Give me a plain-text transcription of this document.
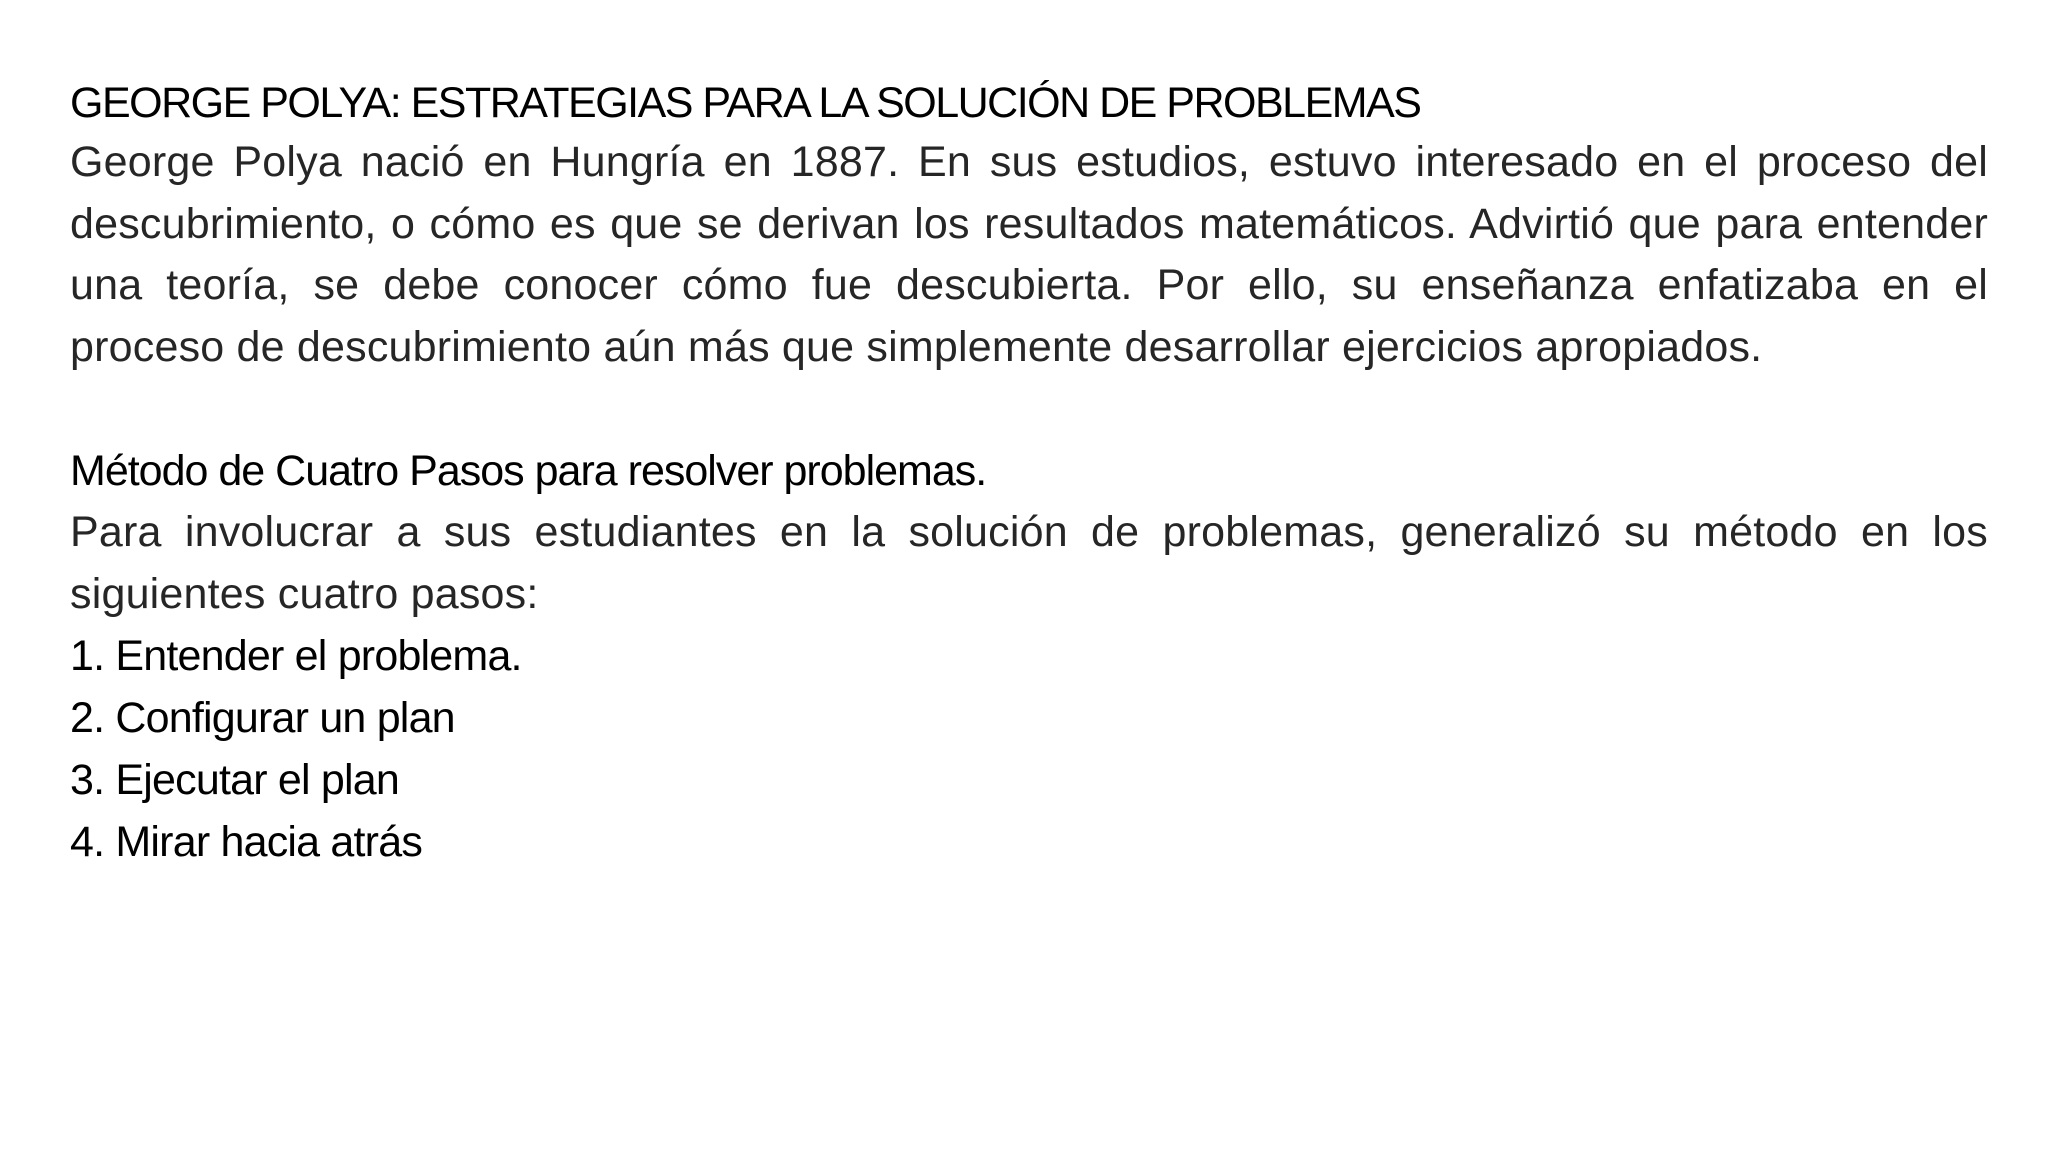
GEORGE POLYA: ESTRATEGIAS PARA LA SOLUCIÓN DE PROBLEMAS

George Polya nació en Hungría en 1887. En sus estudios, estuvo interesado en el proceso del descubrimiento, o cómo es que se derivan los resultados matemáticos. Advirtió que para entender una teoría, se debe conocer cómo fue descubierta. Por ello, su enseñanza enfatizaba en el proceso de descubrimiento aún más que simplemente desarrollar ejercicios apropiados.

Método de Cuatro Pasos para resolver problemas.

Para involucrar a sus estudiantes en la solución de problemas, generalizó su método en los siguientes cuatro pasos:

1. Entender el problema.
2. Configurar un plan
3. Ejecutar el plan
4. Mirar hacia atrás
